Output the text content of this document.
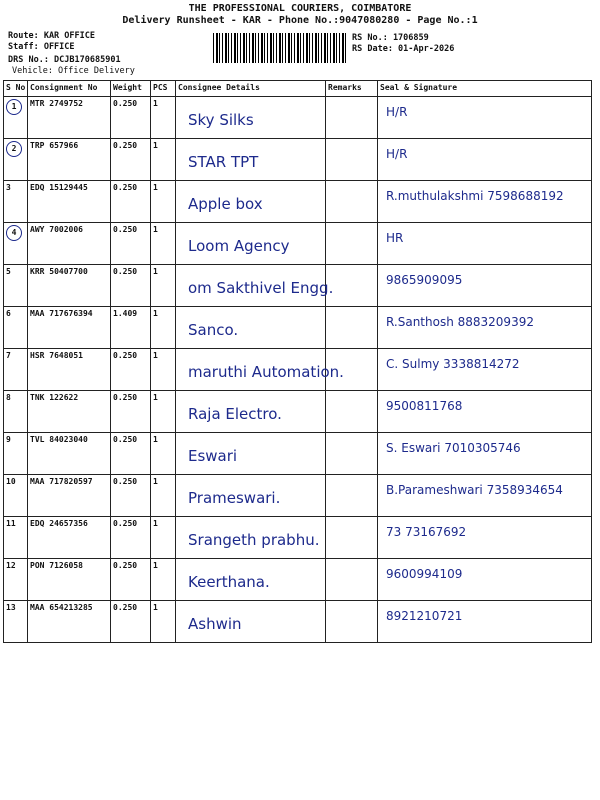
THE PROFESSIONAL COURIERS, COIMBATORE
Delivery Runsheet - KAR - Phone No.:9047080280 - Page No.:1
Route: KAR OFFICE
Staff: OFFICE
DRS No.: DCJB170685901
Vehicle: Office Delivery
RS No.: 1706859
RS Date: 01-Apr-2026
S No	Consignment No	Weight	PCS	Consignee Details	Remarks	Seal & Signature
1	MTR 2749752	0.250	1	Sky Silks		H/R

2	TRP 657966	0.250	1	STAR TPT		H/R

3	EDQ 15129445	0.250	1	Apple box		R.muthulakshmi 7598688192

4	AWY 7002006	0.250	1	Loom Agency		HR

5	KRR 50407700	0.250	1	om Sakthivel Engg.		9865909095

6	MAA 717676394	1.409	1	Sanco.		R.Santhosh 8883209392

7	HSR 7648051	0.250	1	maruthi Automation.		C. Sulmy 3338814272

8	TNK 122622	0.250	1	Raja Electro.		9500811768

9	TVL 84023040	0.250	1	Eswari		S. Eswari 7010305746

10	MAA 717820597	0.250	1	Prameswari.		B.Parameshwari 7358934654

11	EDQ 24657356	0.250	1	Srangeth prabhu.		73 73167692

12	PON 7126058	0.250	1	Keerthana.		9600994109

13	MAA 654213285	0.250	1	Ashwin		8921210721
